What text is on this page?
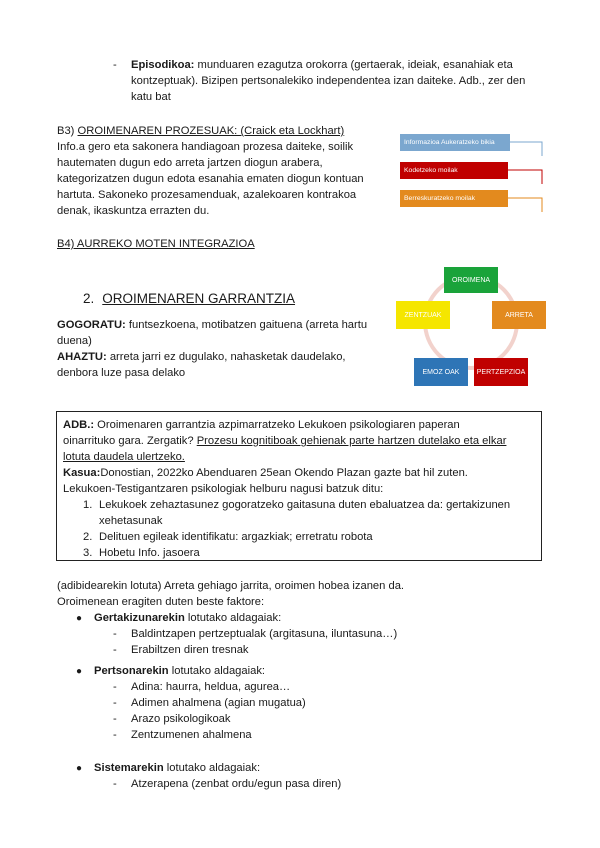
- Episodikoa: munduaren ezagutza orokorra (gertaerak, ideiak, esanahiak eta
kontzeptuak). Bizipen pertsonalekiko independentea izan daiteke. Adb., zer den
katu bat
B3) OROIMENAREN PROZESUAK: (Craick eta Lockhart)
Info.a gero eta sakonera handiagoan prozesa daiteke, soilik
hautematen dugun edo arreta jartzen diogun arabera,
kategorizatzen dugun edota esanahia ematen diogun kontuan
hartuta. Sakoneko prozesamenduak, azalekoaren kontrakoa
denak, ikaskuntza errazten du.
Informazioa Aukeratzeko bikia
Kodetzeko moilak
Berreskuratzeko moilak
B4) AURREKO MOTEN INTEGRAZIOA
2. OROIMENAREN GARRANTZIA
GOGORATU: funtsezkoena, motibatzen gaituena (arreta hartu
duena)
AHAZTU: arreta jarri ez dugulako, nahasketak daudelako,
denbora luze pasa delako
OROIMENA
ARRETA
PERTZEPZIOA
EMOZ OAK
ZENTZUAK
ADB.: Oroimenaren garrantzia azpimarratzeko Lekukoen psikologiaren paperan
oinarrituko gara. Zergatik? Prozesu kognitiboak gehienak parte hartzen dutelako eta elkar
lotuta daudela ulertzeko.
Kasua:Donostian, 2022ko Abenduaren 25ean Okendo Plazan gazte bat hil zuten.
Lekukoen-Testigantzaren psikologiak helburu nagusi batzuk ditu:
1. Lekukoek zehaztasunez gogoratzeko gaitasuna duten ebaluatzea da: gertakizunen
xehetasunak
2. Delituen egileak identifikatu: argazkiak; erretratu robota
3. Hobetu Info. jasoera
(adibidearekin lotuta) Arreta gehiago jarrita, oroimen hobea izanen da.
Oroimenean eragiten duten beste faktore:
● Gertakizunarekin lotutako aldagaiak:
- Baldintzapen pertzeptualak (argitasuna, iluntasuna…)
- Erabiltzen diren tresnak
● Pertsonarekin lotutako aldagaiak:
- Adina: haurra, heldua, agurea…
- Adimen ahalmena (agian mugatua)
- Arazo psikologikoak
- Zentzumenen ahalmena
● Sistemarekin lotutako aldagaiak:
- Atzerapena (zenbat ordu/egun pasa diren)
